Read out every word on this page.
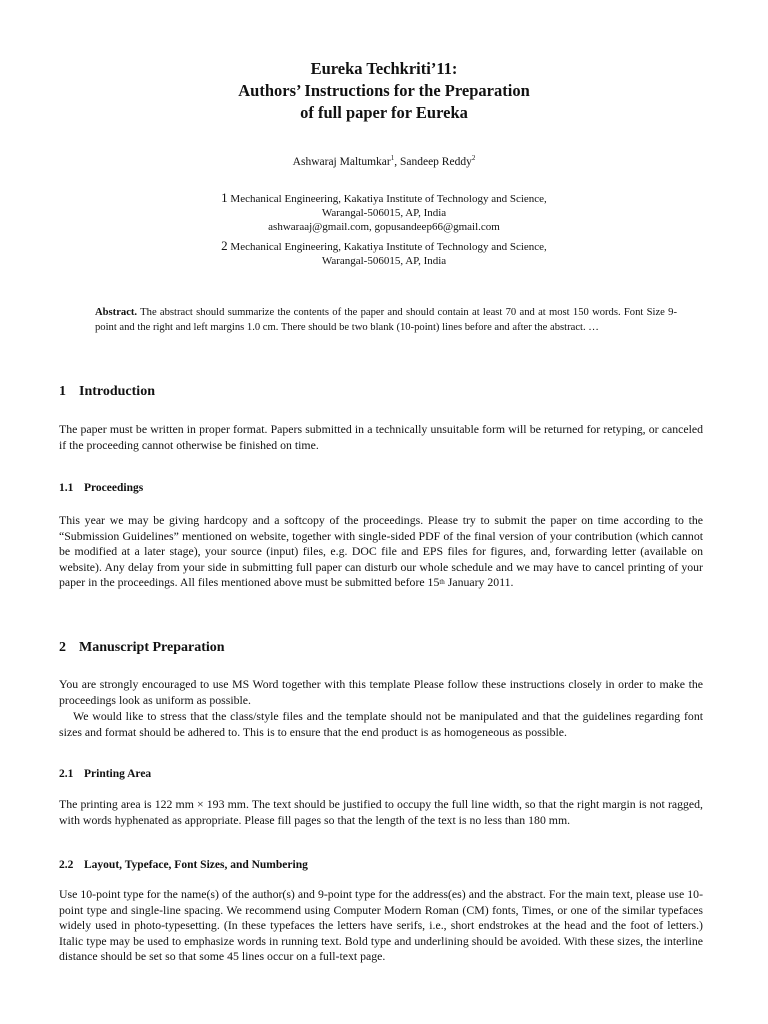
Eureka Techkriti’11:
Authors’ Instructions for the Preparation
of full paper for Eureka
Ashwaraj Maltumkar$^1$, Sandeep Reddy$^2$
1 Mechanical Engineering, Kakatiya Institute of Technology and Science,
Warangal-506015, AP, India
ashwaraaj@gmail.com, gopusandeep66@gmail.com
2 Mechanical Engineering, Kakatiya Institute of Technology and Science,
Warangal-506015, AP, India
Abstract. The abstract should summarize the contents of the paper and should contain at least 70 and at most 150 words. Font Size 9-point and the right and left margins 1.0 cm. There should be two blank (10-point) lines before and after the abstract. …
1 Introduction

The paper must be written in proper format. Papers submitted in a technically unsuitable form will be returned for retyping, or canceled if the proceeding cannot otherwise be finished on time.

1.1 Proceedings

This year we may be giving hardcopy and a softcopy of the proceedings. Please try to submit the paper on time according to the “Submission Guidelines” mentioned on website, together with single-sided PDF of the final version of your contribution (which cannot be modified at a later stage), your source (input) files, e.g. DOC file and EPS files for figures, and, forwarding letter (available on website). Any delay from your side in submitting full paper can disturb our whole schedule and we may have to cancel printing of your paper in the proceedings. All files mentioned above must be submitted before 15th January 2011.

2 Manuscript Preparation

You are strongly encouraged to use MS Word together with this template Please follow these instructions closely in order to make the proceedings look as uniform as possible.

We would like to stress that the class/style files and the template should not be manipulated and that the guidelines regarding font sizes and format should be adhered to. This is to ensure that the end product is as homogeneous as possible.

2.1 Printing Area

The printing area is 122 mm × 193 mm. The text should be justified to occupy the full line width, so that the right margin is not ragged, with words hyphenated as appropriate. Please fill pages so that the length of the text is no less than 180 mm.

2.2 Layout, Typeface, Font Sizes, and Numbering

Use 10-point type for the name(s) of the author(s) and 9-point type for the address(es) and the abstract. For the main text, please use 10-point type and single-line spacing. We recommend using Computer Modern Roman (CM) fonts, Times, or one of the similar typefaces widely used in photo-typesetting. (In these typefaces the letters have serifs, i.e., short endstrokes at the head and the foot of letters.) Italic type may be used to emphasize words in running text. Bold type and underlining should be avoided. With these sizes, the interline distance should be set so that some 45 lines occur on a full-text page.
